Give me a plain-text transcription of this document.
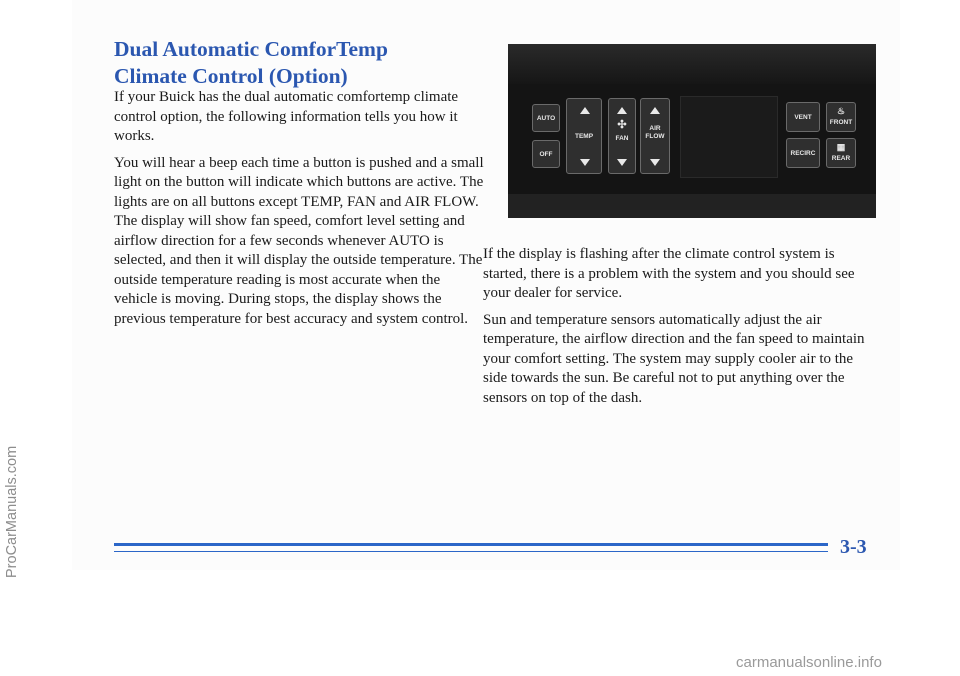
Dual Automatic ComforTemp
Climate Control (Option)

If your Buick has the dual automatic comfortemp climate control option, the following information tells you how it works.

You will hear a beep each time a button is pushed and a small light on the button will indicate which buttons are active. The lights are on all buttons except TEMP, FAN and AIR FLOW. The display will show fan speed, comfort level setting and airflow direction for a few seconds whenever AUTO is selected, and then it will display the outside temperature. The outside temperature reading is most accurate when the vehicle is moving. During stops, the display shows the previous temperature for best accuracy and system control.

AUTO
OFF
TEMP
✣
FAN
AIR
FLOW
VENT
RECIRC
♨
FRONT
▦
REAR

If the display is flashing after the climate control system is started, there is a problem with the system and you should see your dealer for service.

Sun and temperature sensors automatically adjust the air temperature, the airflow direction and the fan speed to maintain your comfort setting. The system may supply cooler air to the side towards the sun. Be careful not to put anything over the sensors on top of the dash.

3-3
ProCarManuals.com
carmanualsonline.info
